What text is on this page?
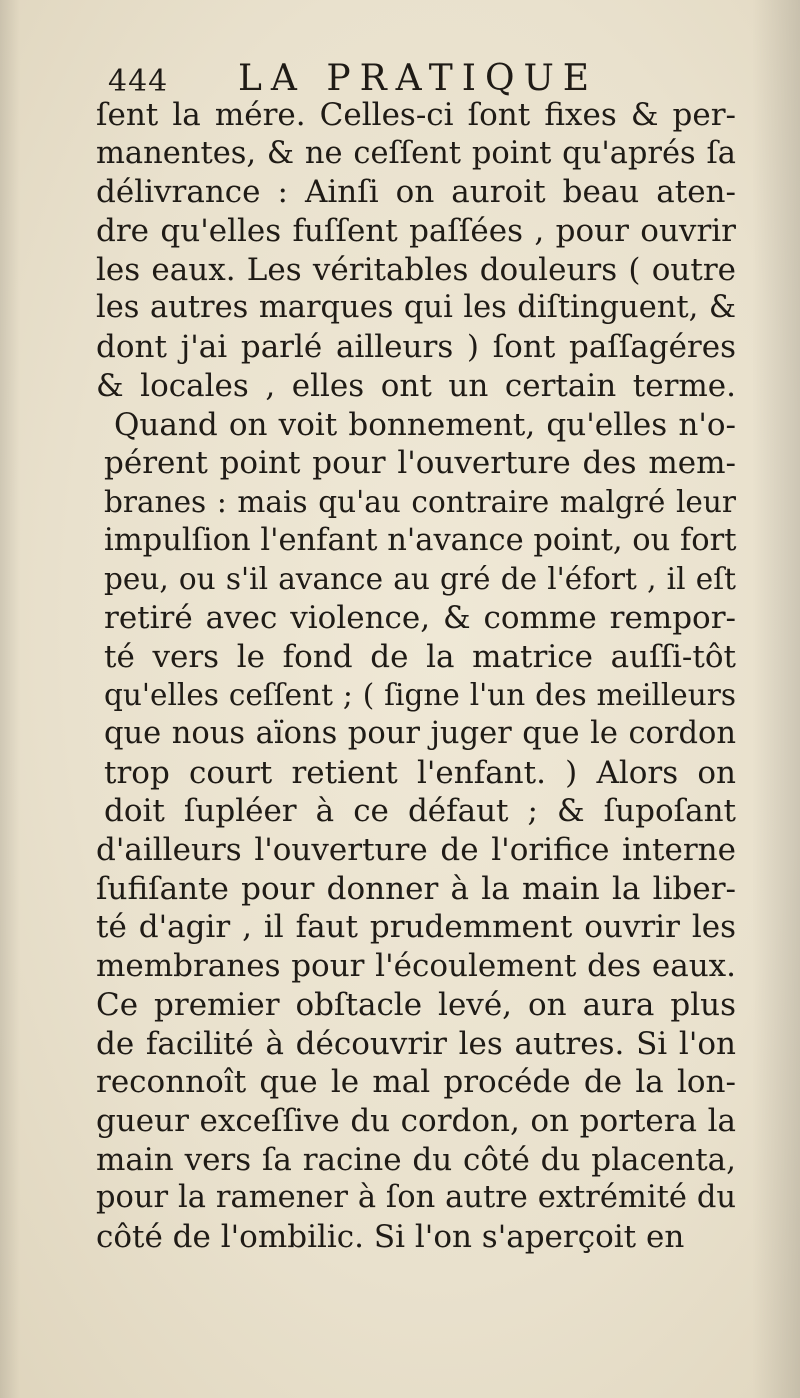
444 LA PRATIQUE
ſent la mére. Celles-ci ſont fixes & per-
manentes, & ne ceſſent point qu'aprés ſa
délivrance : Ainſi on auroit beau aten-
dre qu'elles fuſſent paſſées , pour ouvrir
les eaux. Les véritables douleurs ( outre
les autres marques qui les diſtinguent, &
dont j'ai parlé ailleurs ) ſont paſſagéres
& locales , elles ont un certain terme.
Quand on voit bonnement, qu'elles n'o-
pérent point pour l'ouverture des mem-
branes : mais qu'au contraire malgré leur
impulſion l'enfant n'avance point, ou fort
peu, ou s'il avance au gré de l'éfort , il eſt
retiré avec violence, & comme rempor-
té vers le fond de la matrice auſſi-tôt
qu'elles ceſſent ; ( ſigne l'un des meilleurs
que nous aïons pour juger que le cordon
trop court retient l'enfant. ) Alors on
doit ſupléer à ce défaut ; & ſupoſant
d'ailleurs l'ouverture de l'orifice interne
ſufiſante pour donner à la main la liber-
té d'agir , il faut prudemment ouvrir les
membranes pour l'écoulement des eaux.
Ce premier obſtacle levé, on aura plus
de facilité à découvrir les autres. Si l'on
reconnoît que le mal procéde de la lon-
gueur exceſſive du cordon, on portera la
main vers ſa racine du côté du placenta,
pour la ramener à ſon autre extrémité du
côté de l'ombilic. Si l'on s'aperçoit en
